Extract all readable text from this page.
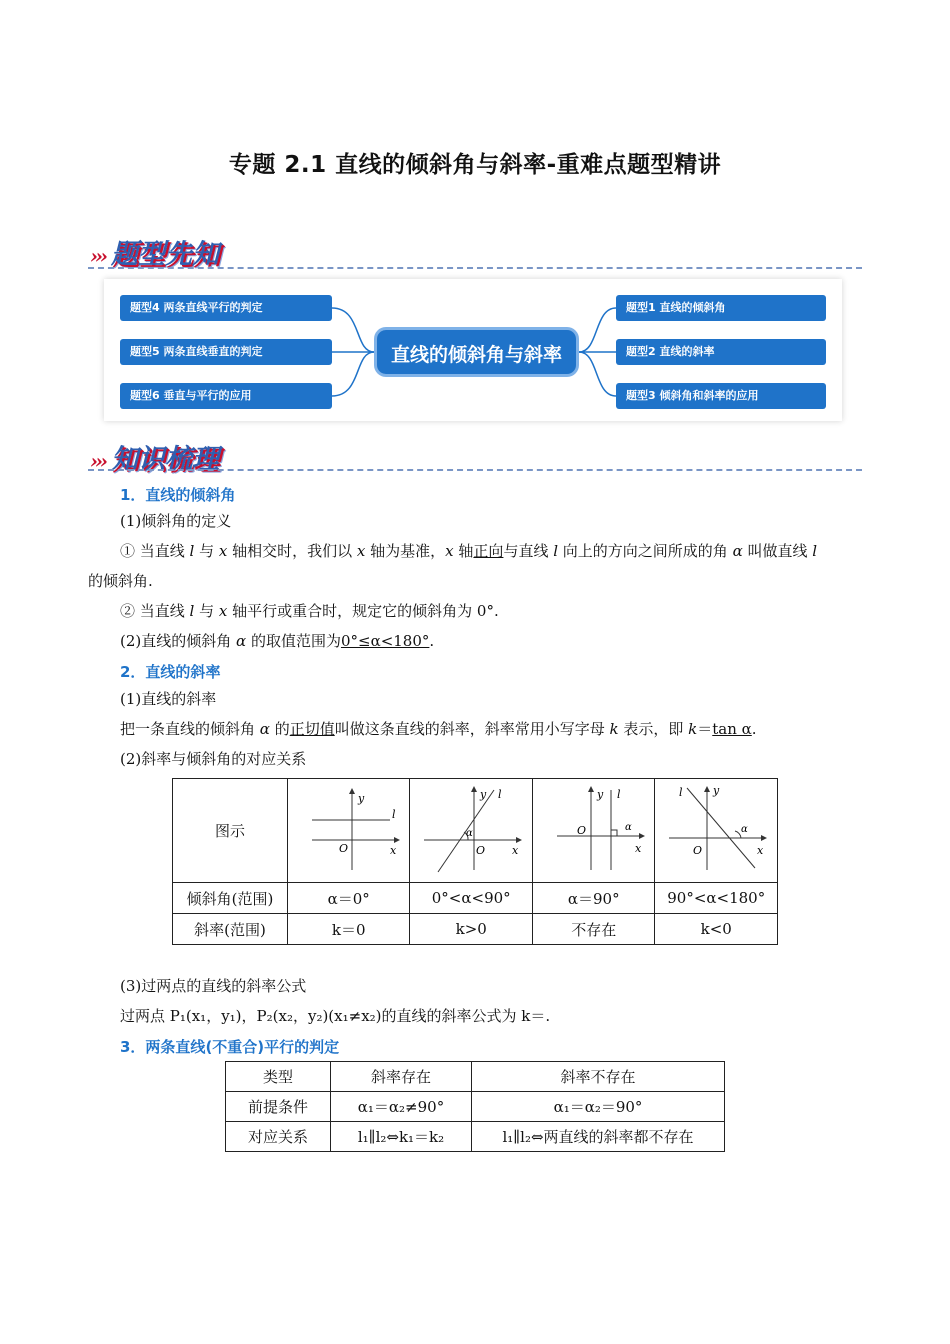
专题 2.1 直线的倾斜角与斜率-重难点题型精讲
››› 题型先知
题型4 两条直线平行的判定
题型5 两条直线垂直的判定
题型6 垂直与平行的应用
直线的倾斜角与斜率
题型1 直线的倾斜角
题型2 直线的斜率
题型3 倾斜角和斜率的应用
››› 知识梳理
1．直线的倾斜角
(1)倾斜角的定义
① 当直线 l 与 x 轴相交时，我们以 x 轴为基准，x 轴正向与直线 l 向上的方向之间所成的角 α 叫做直线 l
的倾斜角.
② 当直线 l 与 x 轴平行或重合时，规定它的倾斜角为 0°.
(2)直线的倾斜角 α 的取值范围为0°≤α<180°.
2．直线的斜率
(1)直线的斜率
把一条直线的倾斜角 α 的正切值叫做这条直线的斜率，斜率常用小写字母 k 表示，即 k＝tan α.
(2)斜率与倾斜角的对应关系
图示	y
l
O x	y l
α
O x	y l
α
O
x	y
l
α
O x

倾斜角(范围)	α＝0°	0°<α<90°	α＝90°	90°<α<180°
斜率(范围)	k＝0	k>0	不存在	k<0
(3)过两点的直线的斜率公式
过两点 P₁(x₁，y₁)，P₂(x₂，y₂)(x₁≠x₂)的直线的斜率公式为 k＝.
3．两条直线(不重合)平行的判定
类型	斜率存在	斜率不存在
前提条件	α₁＝α₂≠90°	α₁＝α₂＝90°
对应关系	l₁∥l₂⇔k₁＝k₂	l₁∥l₂⇔两直线的斜率都不存在
